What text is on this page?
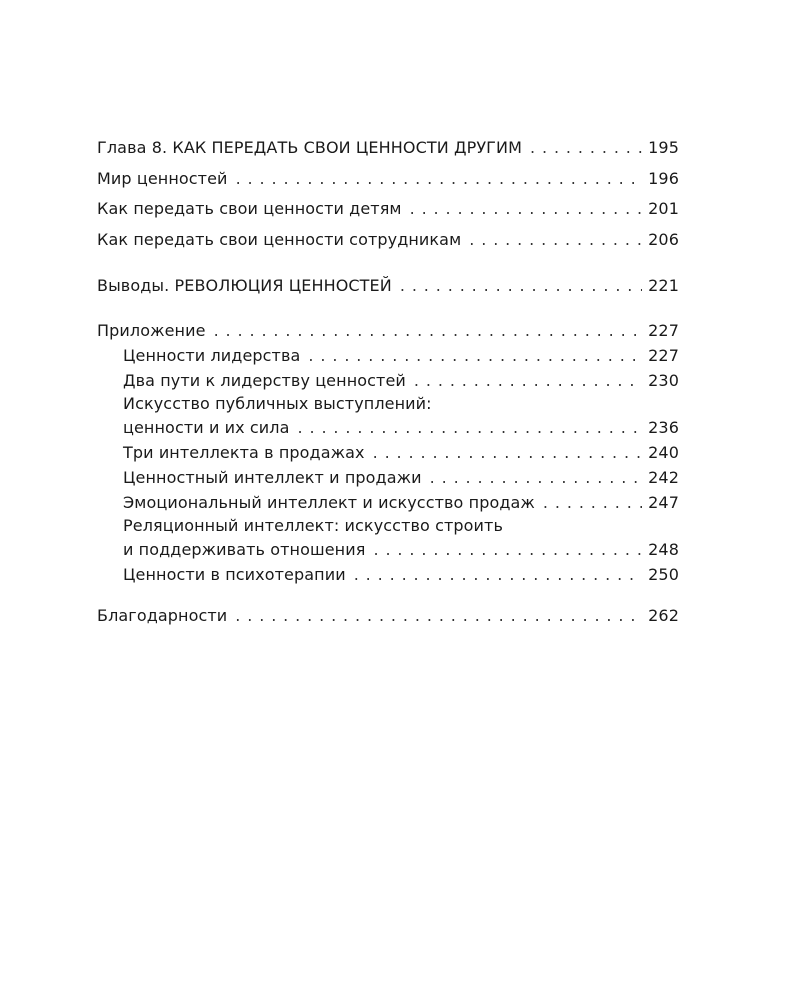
Глава 8. КАК ПЕРЕДАТЬ СВОИ ЦЕННОСТИ ДРУГИМ . . .	195
Мир ценностей . . .	196
Как передать свои ценности детям . . .	201
Как передать свои ценности сотрудникам . . .	206
Выводы. РЕВОЛЮЦИЯ ЦЕННОСТЕЙ . . .	221
Приложение . . .	227
Ценности лидерства . . .	227
Два пути к лидерству ценностей . . .	230
Искусство публичных выступлений:
ценности и их сила . . .	236
Три интеллекта в продажах . . .	240
Ценностный интеллект и продажи . . .	242
Эмоциональный интеллект и искусство продаж . . .	247
Реляционный интеллект: искусство строить
и поддерживать отношения . . .	248
Ценности в психотерапии . . .	250
Благодарности . . .	262
